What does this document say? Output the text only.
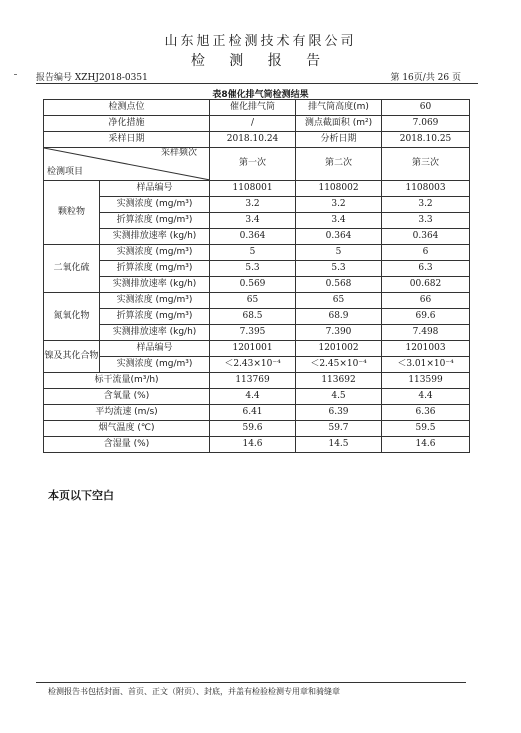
山东旭正检测技术有限公司
检 测 报 告
报告编号 XZHJ2018-0351	第 16页/共 26 页
表8催化排气筒检测结果
检测点位		催化排气筒	排气筒高度(m)	60
净化措施		/	测点截面积 (m²)	7.069
采样日期		2018.10.24	分析日期	2018.10.25

采样频次
检测项目		第一次	第二次	第三次
颗粒物	样品编号	1108001	1108002	1108003
	实测浓度 (mg/m³)	3.2	3.2	3.2
	折算浓度 (mg/m³)	3.4	3.4	3.3
	实测排放速率 (kg/h)	0.364	0.364	0.364
二氧化硫	实测浓度 (mg/m³)	5	5	6
	折算浓度 (mg/m³)	5.3	5.3	6.3
	实测排放速率 (kg/h)	0.569	0.568	00.682
氮氧化物	实测浓度 (mg/m³)	65	65	66
	折算浓度 (mg/m³)	68.5	68.9	69.6
	实测排放速率 (kg/h)	7.395	7.390	7.498
镍及其化合物	样品编号	1201001	1201002	1201003
	实测浓度 (mg/m³)	＜2.43×10⁻⁴	＜2.45×10⁻⁴	＜3.01×10⁻⁴
标干流量(m³/h)		113769	113692	113599
含氧量 (%)		4.4	4.5	4.4
平均流速 (m/s)		6.41	6.39	6.36
烟气温度 (℃)		59.6	59.7	59.5
含湿量 (%)		14.6	14.5	14.6
本页以下空白
检测报告书包括封面、首页、正文（附页）、封底，并盖有检验检测专用章和骑缝章
